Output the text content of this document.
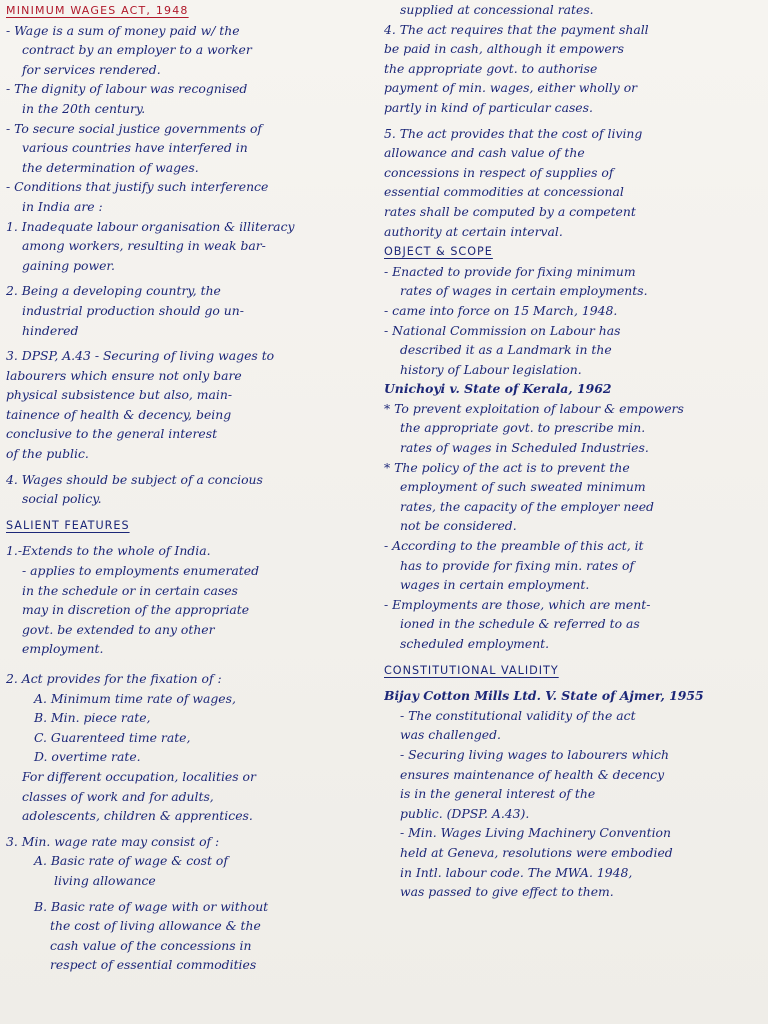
MINIMUM WAGES ACT, 1948
- Wage is a sum of money paid w/ the
contract by an employer to a worker
for services rendered.
- The dignity of labour was recognised
in the 20th century.
- To secure social justice governments of
various countries have interfered in
the determination of wages.
- Conditions that justify such interference
in India are :
1. Inadequate labour organisation & illiteracy
among workers, resulting in weak bar-
gaining power.
2. Being a developing country, the
industrial production should go un-
hindered
3. DPSP, A.43 - Securing of living wages to
labourers which ensure not only bare
physical subsistence but also, main-
tainence of health & decency, being
conclusive to the general interest
of the public.
4. Wages should be subject of a concious
social policy.
SALIENT FEATURES
1.-Extends to the whole of India.
- applies to employments enumerated
in the schedule or in certain cases
may in discretion of the appropriate
govt. be extended to any other
employment.
2. Act provides for the fixation of :
A. Minimum time rate of wages,
B. Min. piece rate,
C. Guarenteed time rate,
D. overtime rate.
For different occupation, localities or
classes of work and for adults,
adolescents, children & apprentices.
3. Min. wage rate may consist of :
A. Basic rate of wage & cost of
living allowance
B. Basic rate of wage with or without
the cost of living allowance & the
cash value of the concessions in
respect of essential commodities
supplied at concessional rates.
4. The act requires that the payment shall
be paid in cash, although it empowers
the appropriate govt. to authorise
payment of min. wages, either wholly or
partly in kind of particular cases.
5. The act provides that the cost of living
allowance and cash value of the
concessions in respect of supplies of
essential commodities at concessional
rates shall be computed by a competent
authority at certain interval.
OBJECT & SCOPE
- Enacted to provide for fixing minimum
rates of wages in certain employments.
- came into force on 15 March, 1948.
- National Commission on Labour has
described it as a Landmark in the
history of Labour legislation.
Unichoyi v. State of Kerala, 1962
* To prevent exploitation of labour & empowers
the appropriate govt. to prescribe min.
rates of wages in Scheduled Industries.
* The policy of the act is to prevent the
employment of such sweated minimum
rates, the capacity of the employer need
not be considered.
- According to the preamble of this act, it
has to provide for fixing min. rates of
wages in certain employment.
- Employments are those, which are ment-
ioned in the schedule & referred to as
scheduled employment.
CONSTITUTIONAL VALIDITY
Bijay Cotton Mills Ltd. V. State of Ajmer, 1955
- The constitutional validity of the act
was challenged.
- Securing living wages to labourers which
ensures maintenance of health & decency
is in the general interest of the
public. (DPSP. A.43).
- Min. Wages Living Machinery Convention
held at Geneva, resolutions were embodied
in Intl. labour code. The MWA. 1948,
was passed to give effect to them.
